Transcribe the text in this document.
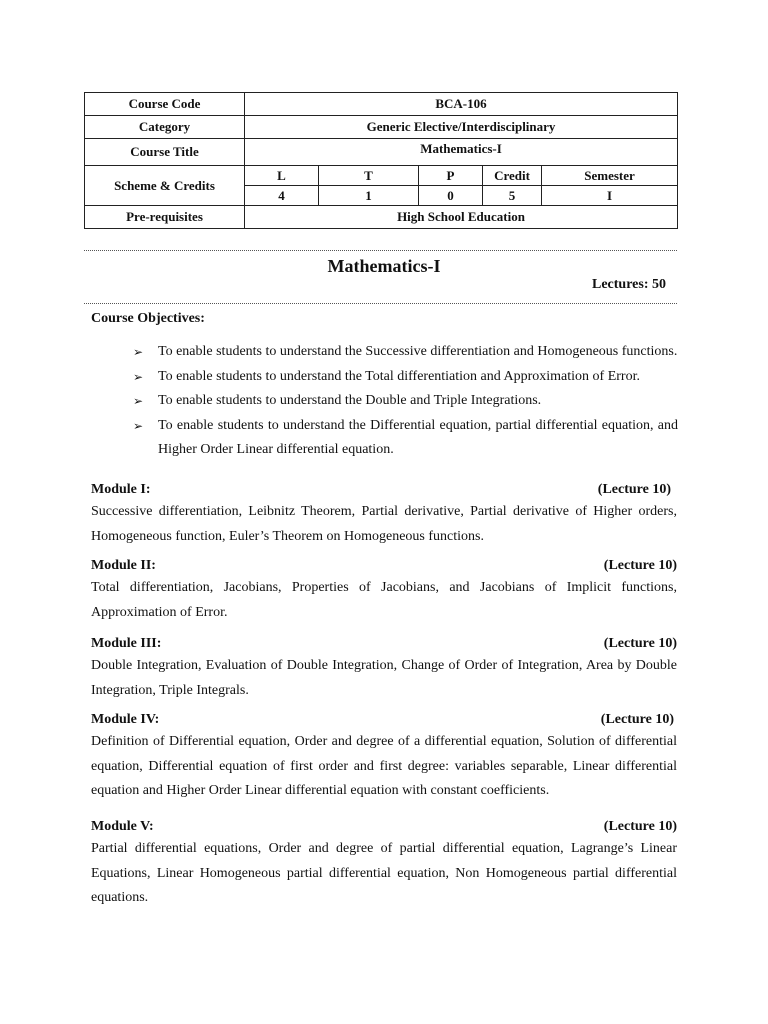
Course Code	BCA-106				
Category	Generic Elective/Interdisciplinary				
Course Title	Mathematics-I				
Scheme & Credits	L	T	P	Credit	Semester
	4	1	0	5	I
Pre-requisites	High School Education				
Mathematics-I
Lectures: 50
Course Objectives:
➢ To enable students to understand the Successive differentiation and Homogeneous functions.
➢ To enable students to understand the Total differentiation and Approximation of Error.
➢ To enable students to understand the Double and Triple Integrations.
➢ To enable students to understand the Differential equation, partial differential equation, and Higher Order Linear differential equation.
Module I:	(Lecture 10)
Successive differentiation, Leibnitz Theorem, Partial derivative, Partial derivative of Higher orders, Homogeneous function, Euler’s Theorem on Homogeneous functions.
Module II:	(Lecture 10)
Total differentiation, Jacobians, Properties of Jacobians, and Jacobians of Implicit functions, Approximation of Error.
Module III:	(Lecture 10)
Double Integration, Evaluation of Double Integration, Change of Order of Integration, Area by Double Integration, Triple Integrals.
Module IV:	(Lecture 10)
Definition of Differential equation, Order and degree of a differential equation, Solution of differential equation, Differential equation of first order and first degree: variables separable, Linear differential equation and Higher Order Linear differential equation with constant coefficients.
Module V:	(Lecture 10)
Partial differential equations, Order and degree of partial differential equation, Lagrange’s Linear Equations, Linear Homogeneous partial differential equation, Non Homogeneous partial differential equations.
